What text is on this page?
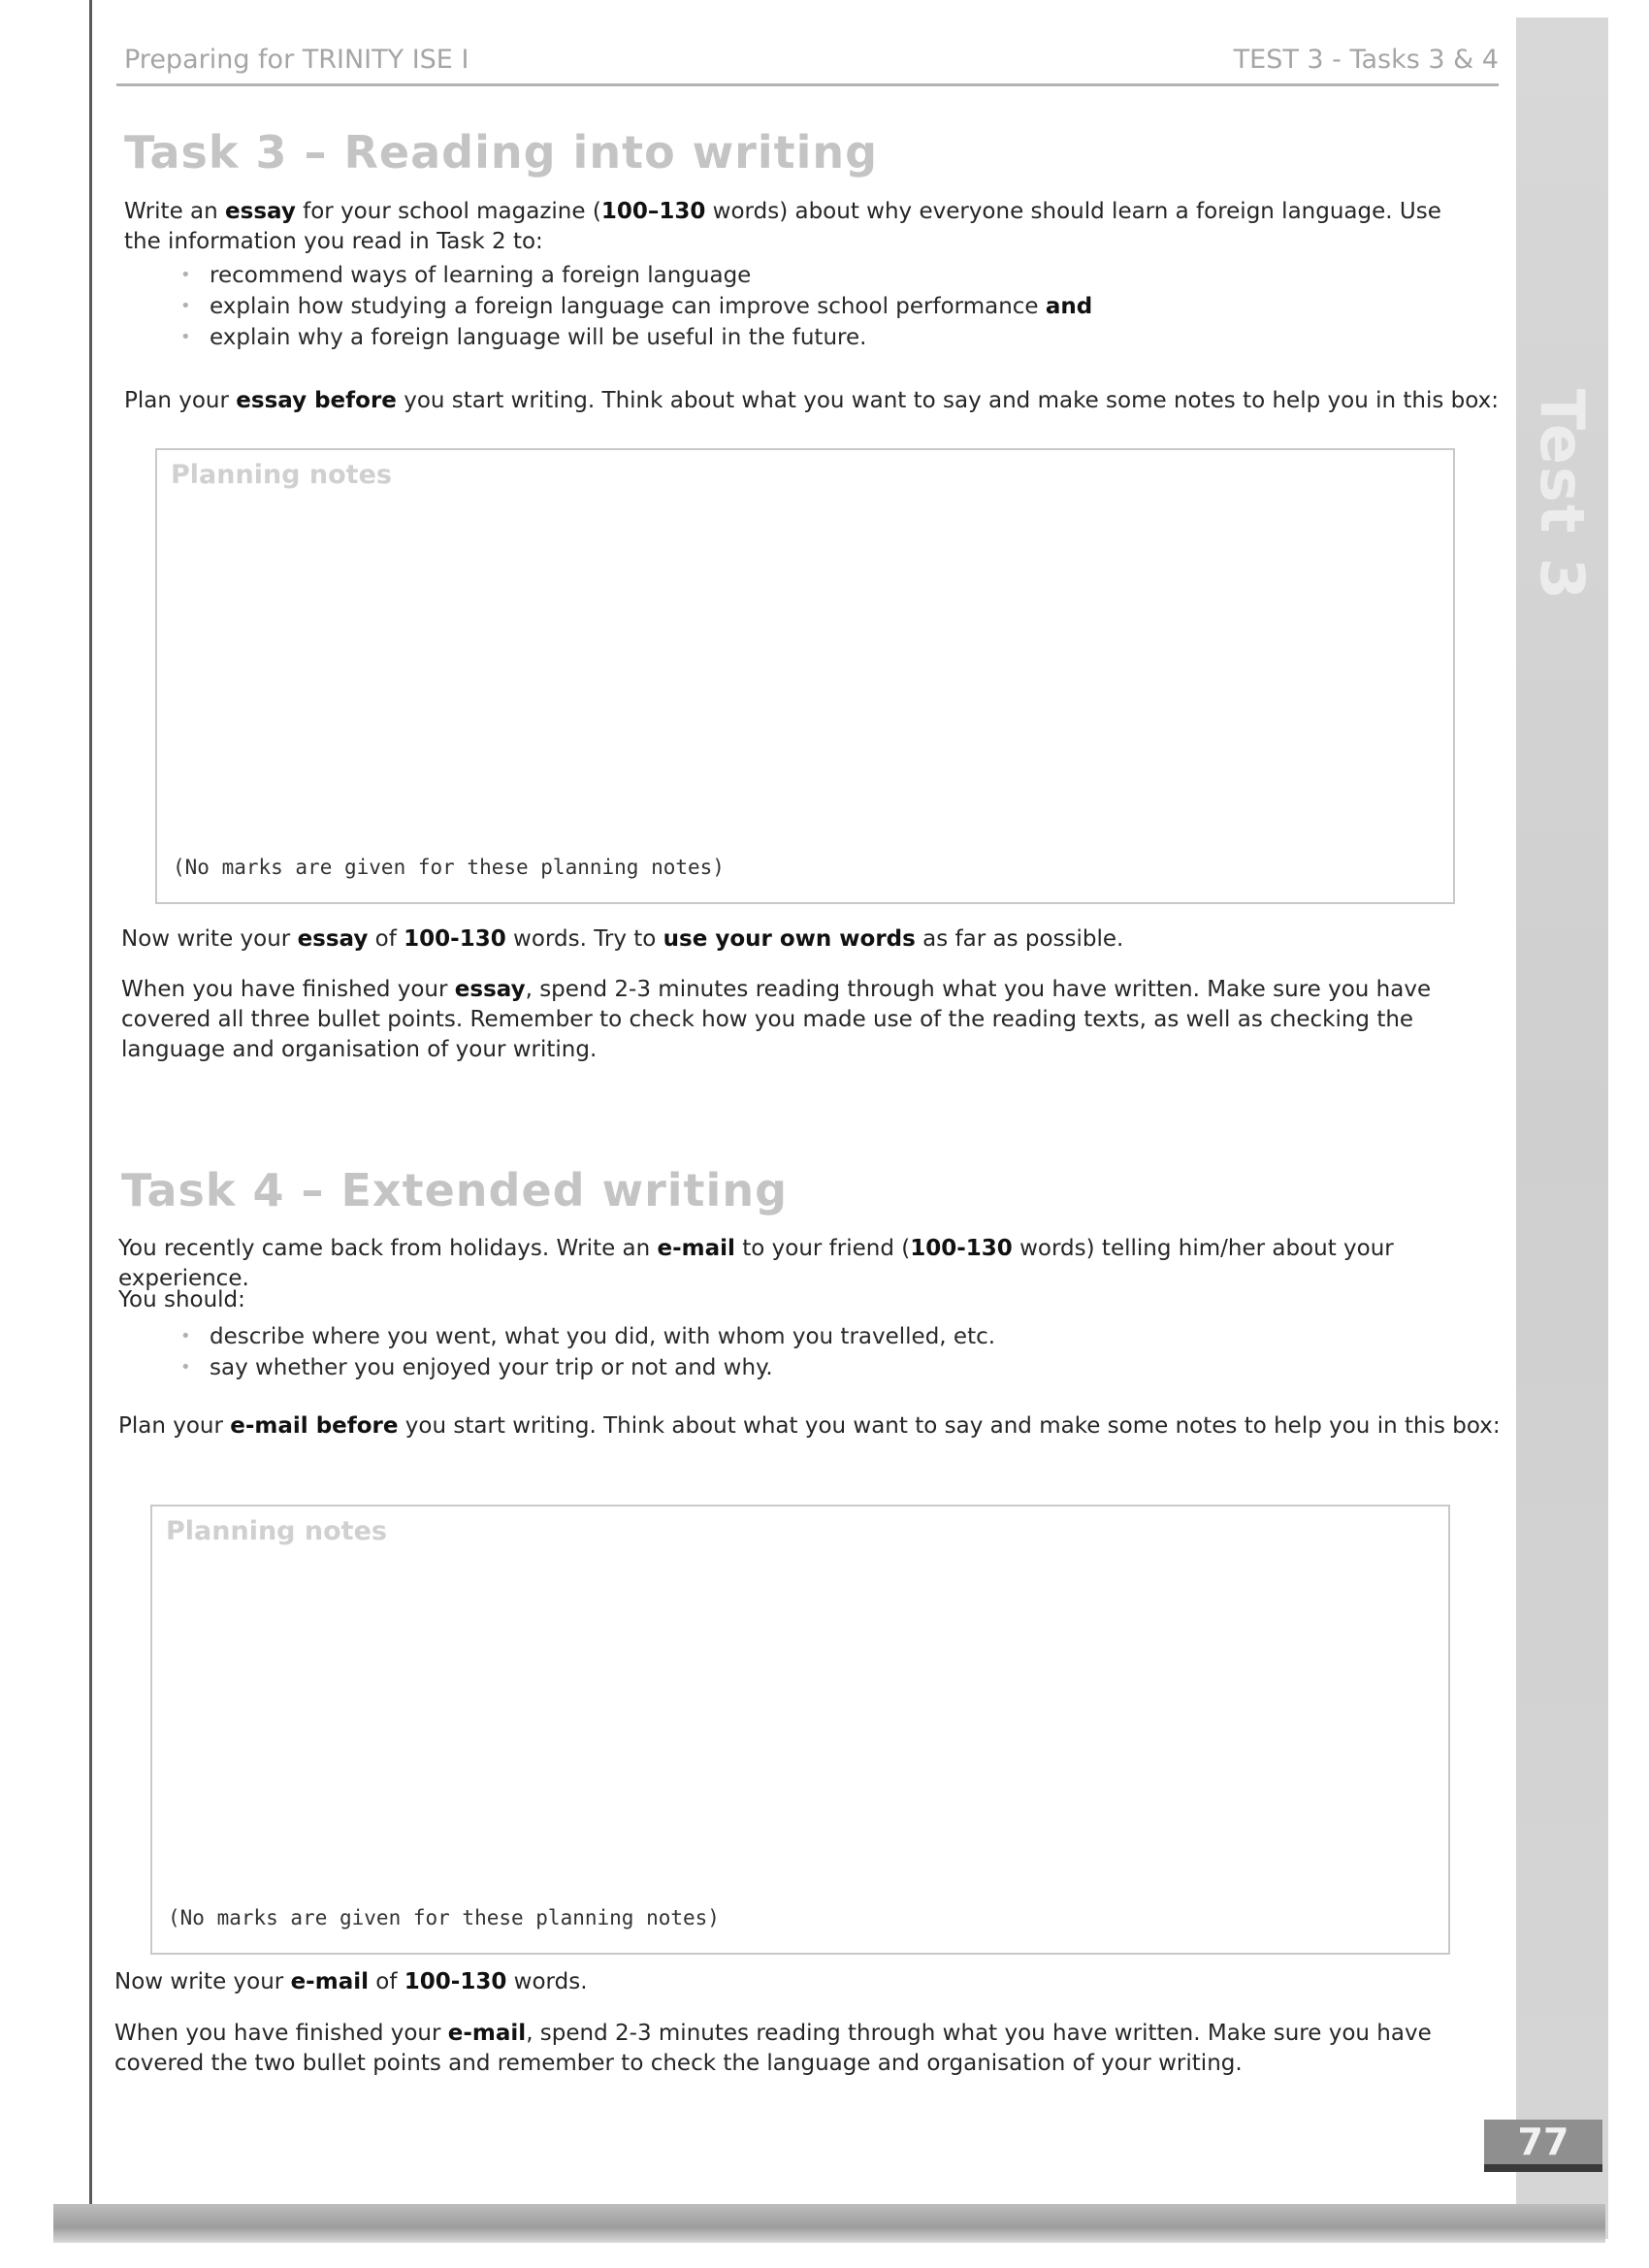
Test 3
77
Preparing for TRINITY ISE I	TEST 3 - Tasks 3 & 4
Task 3 – Reading into writing
Write an essay for your school magazine (100–130 words) about why everyone should learn a foreign language. Use the information you read in Task 2 to:
• recommend ways of learning a foreign language
• explain how studying a foreign language can improve school performance and
• explain why a foreign language will be useful in the future.
Plan your essay before you start writing. Think about what you want to say and make some notes to help you in this box:
Planning notes
(No marks are given for these planning notes)
Now write your essay of 100-130 words. Try to use your own words as far as possible.
When you have finished your essay, spend 2-3 minutes reading through what you have written. Make sure you have covered all three bullet points. Remember to check how you made use of the reading texts, as well as checking the language and organisation of your writing.
Task 4 – Extended writing
You recently came back from holidays. Write an e-mail to your friend (100-130 words) telling him/her about your experience.
You should:
• describe where you went, what you did, with whom you travelled, etc.
• say whether you enjoyed your trip or not and why.
Plan your e-mail before you start writing. Think about what you want to say and make some notes to help you in this box:
Planning notes
(No marks are given for these planning notes)
Now write your e-mail of 100-130 words.
When you have finished your e-mail, spend 2-3 minutes reading through what you have written. Make sure you have covered the two bullet points and remember to check the language and organisation of your writing.
